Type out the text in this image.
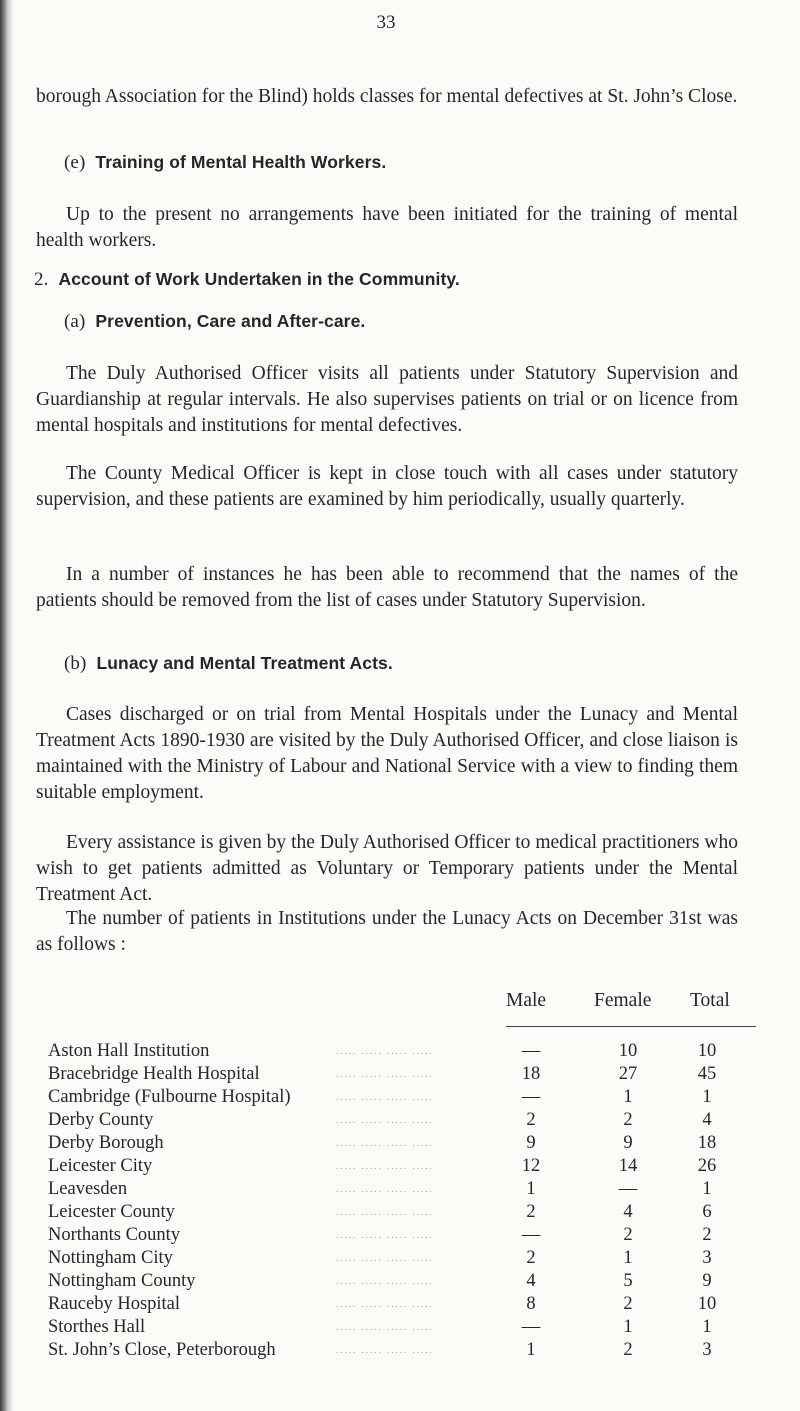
33

borough Association for the Blind) holds classes for mental defectives at St. John’s Close.

(e) Training of Mental Health Workers.

Up to the present no arrangements have been initiated for the training of mental health workers.

2. Account of Work Undertaken in the Community.
(a) Prevention, Care and After-care.

The Duly Authorised Officer visits all patients under Statutory Supervision and Guardianship at regular intervals. He also supervises patients on trial or on licence from mental hospitals and institutions for mental defectives.

The County Medical Officer is kept in close touch with all cases under statutory supervision, and these patients are examined by him periodically, usually quarterly.

In a number of instances he has been able to recommend that the names of the patients should be removed from the list of cases under Statutory Supervision.

(b) Lunacy and Mental Treatment Acts.

Cases discharged or on trial from Mental Hospitals under the Lunacy and Mental Treatment Acts 1890-1930 are visited by the Duly Authorised Officer, and close liaison is maintained with the Ministry of Labour and National Service with a view to finding them suitable employment.

Every assistance is given by the Duly Authorised Officer to medical practitioners who wish to get patients admitted as Voluntary or Temporary patients under the Mental Treatment Act.

The number of patients in Institutions under the Lunacy Acts on December 31st was as follows :

Male Female Total
Aston Hall Institution	..... ..... ..... .....	—	10	10
Bracebridge Health Hospital	..... ..... ..... .....	18	27	45
Cambridge (Fulbourne Hospital)	..... ..... ..... .....	—	1	1
Derby County	..... ..... ..... .....	2	2	4
Derby Borough	..... ..... ..... .....	9	9	18
Leicester City	..... ..... ..... .....	12	14	26
Leavesden	..... ..... ..... .....	1	—	1
Leicester County	..... ..... ..... .....	2	4	6
Northants County	..... ..... ..... .....	—	2	2
Nottingham City	..... ..... ..... .....	2	1	3
Nottingham County	..... ..... ..... .....	4	5	9
Rauceby Hospital	..... ..... ..... .....	8	2	10
Storthes Hall	..... ..... ..... .....	—	1	1
St. John’s Close, Peterborough	..... ..... ..... .....	1	2	3
